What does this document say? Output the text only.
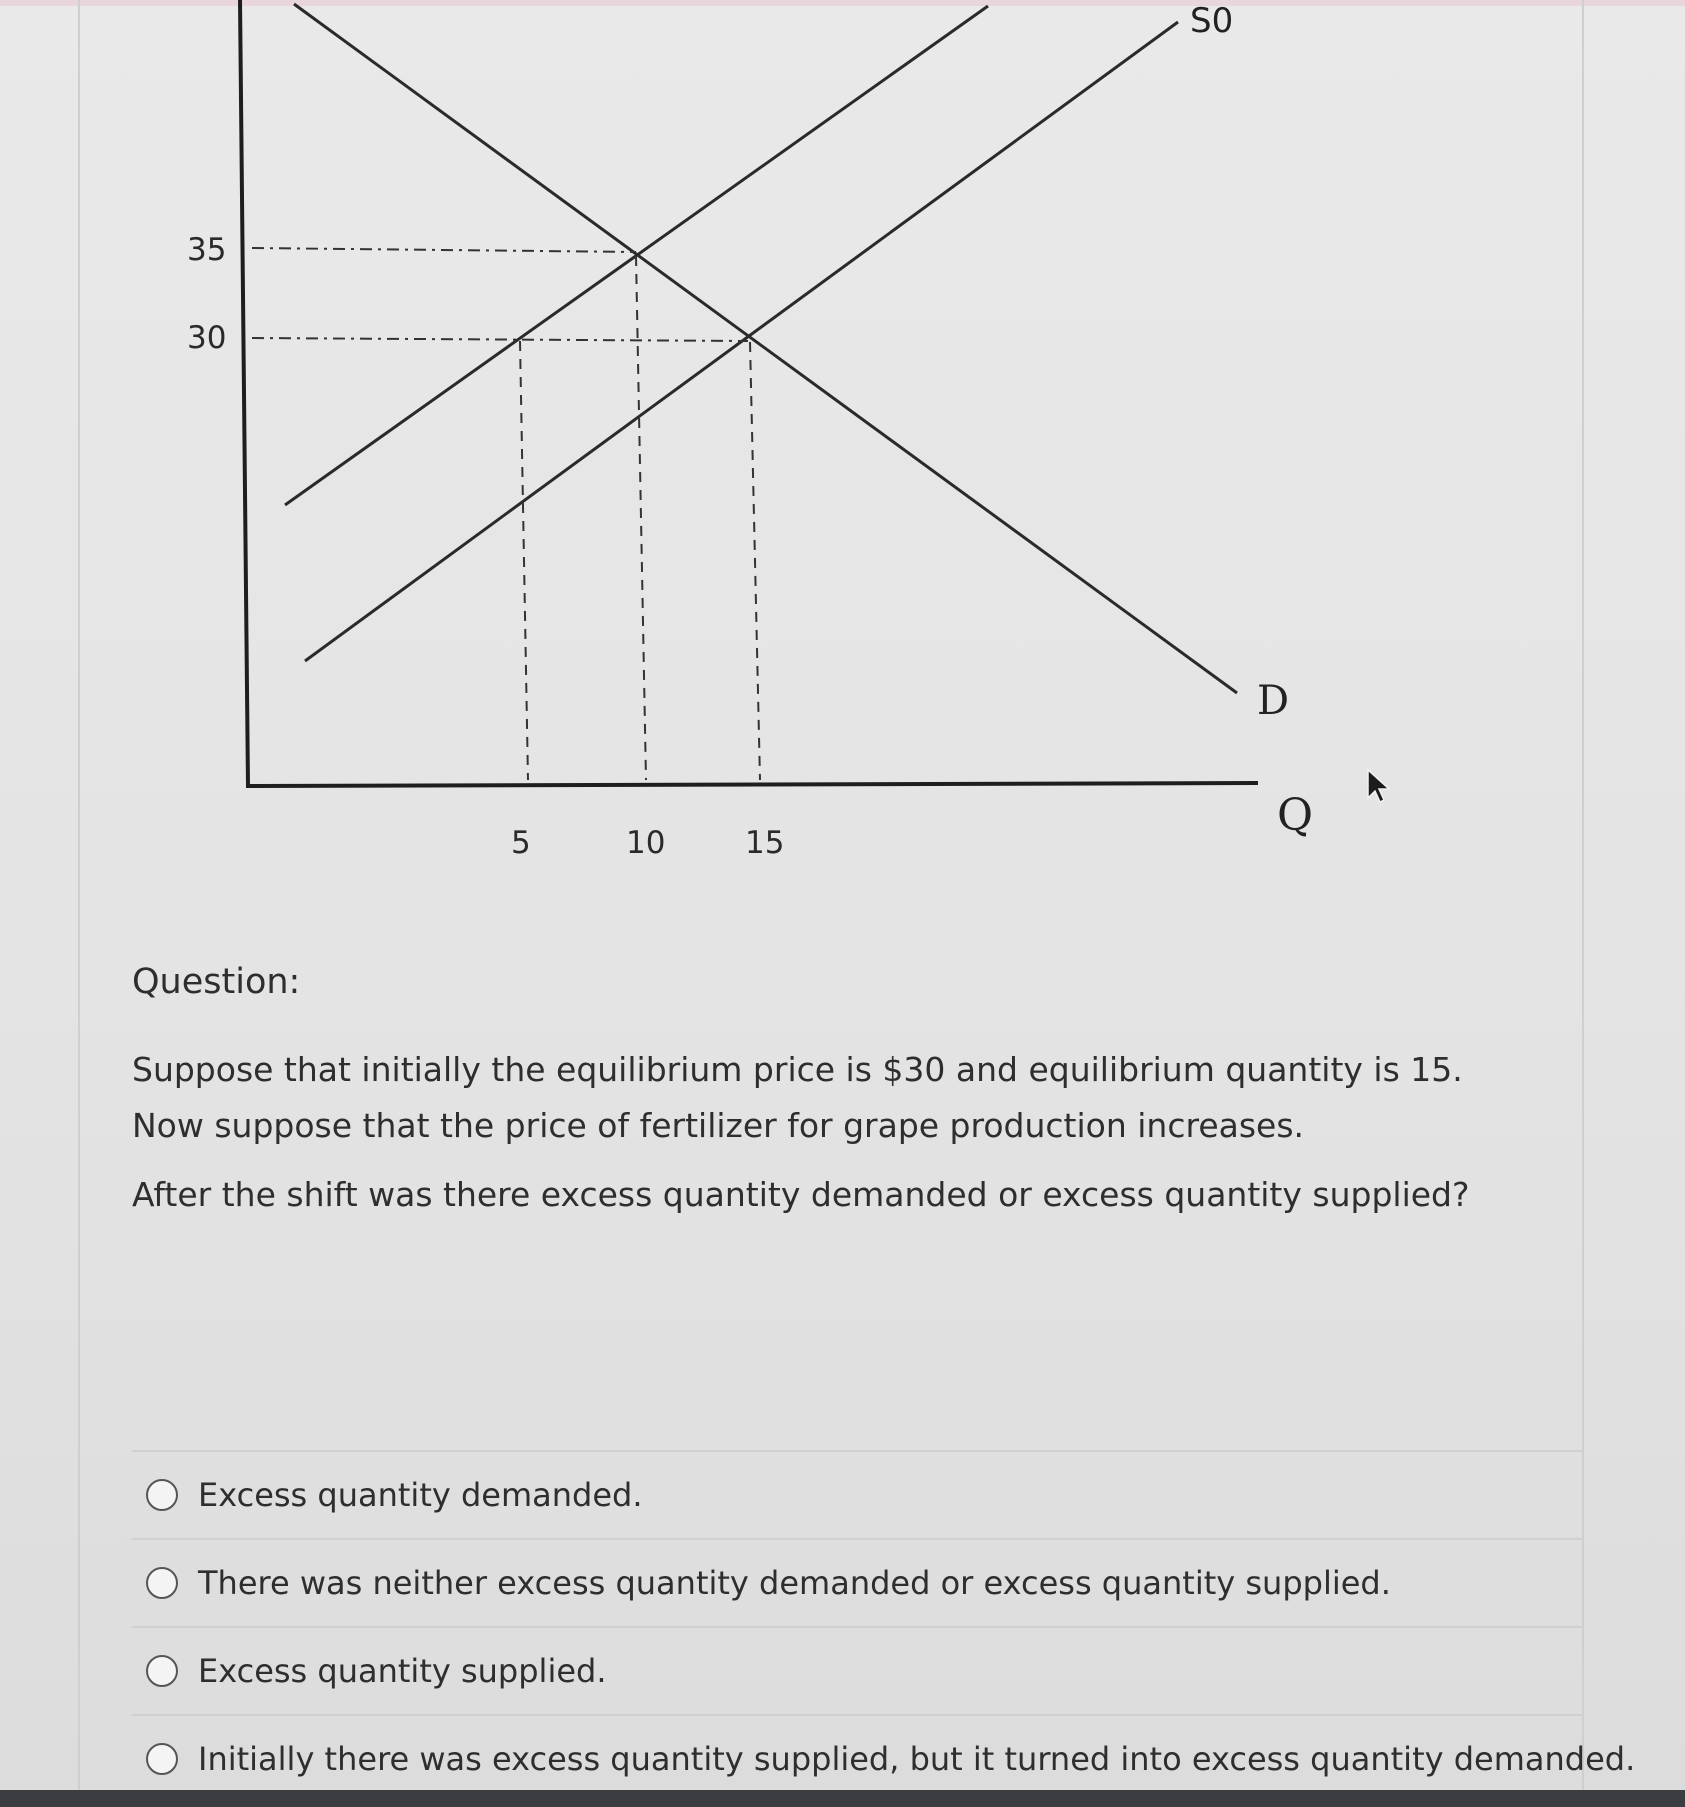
35
30
5	10	15
D
Q
S0
Question:
Suppose that initially the equilibrium price is $30 and equilibrium quantity is 15. Now suppose that the price of fertilizer for grape production increases.
After the shift was there excess quantity demanded or excess quantity supplied?
Excess quantity demanded.
There was neither excess quantity demanded or excess quantity supplied.
Excess quantity supplied.
Initially there was excess quantity supplied, but it turned into excess quantity demanded.
